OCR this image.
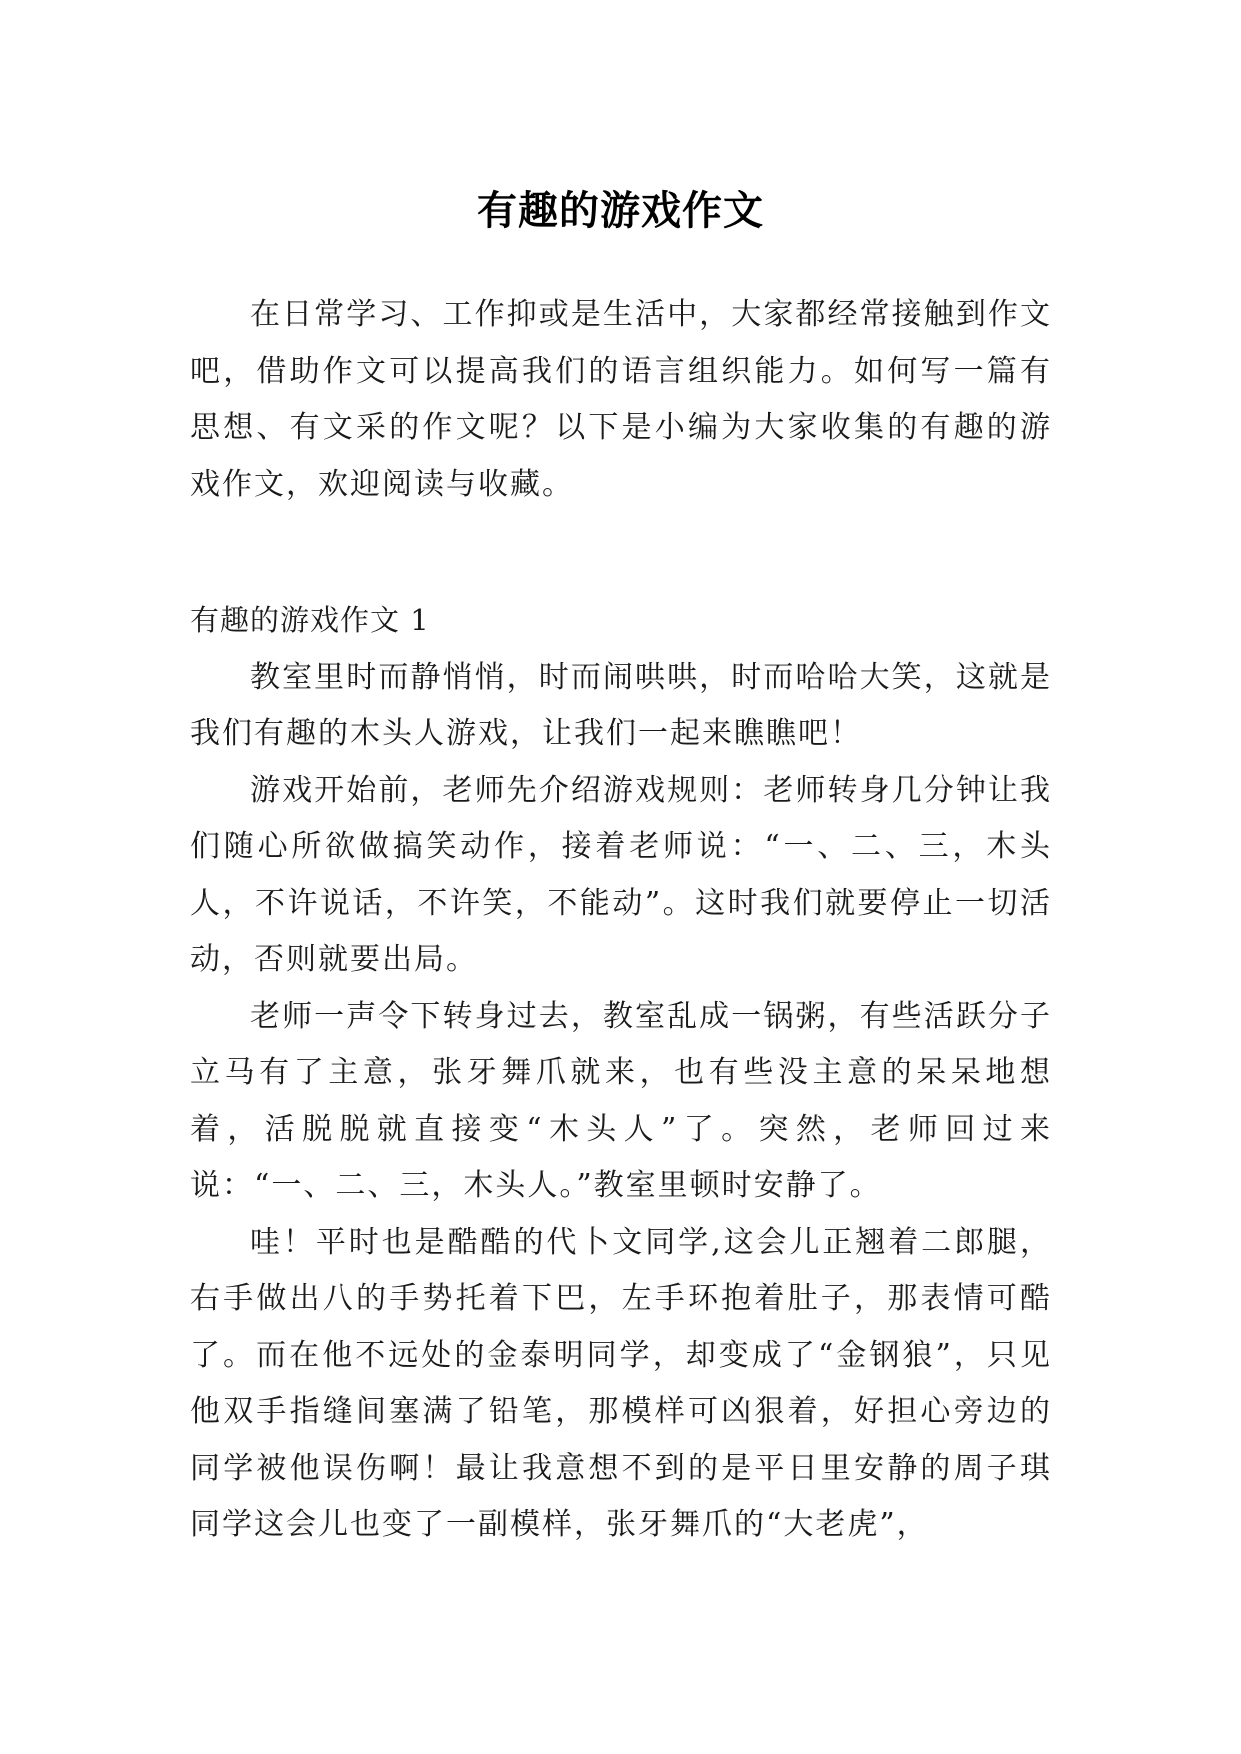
有趣的游戏作文

在日常学习、工作抑或是生活中，大家都经常接触到作文吧，借助作文可以提高我们的语言组织能力。如何写一篇有思想、有文采的作文呢？以下是小编为大家收集的有趣的游戏作文，欢迎阅读与收藏。

有趣的游戏作文 1

教室里时而静悄悄，时而闹哄哄，时而哈哈大笑，这就是我们有趣的木头人游戏，让我们一起来瞧瞧吧！

游戏开始前，老师先介绍游戏规则：老师转身几分钟让我们随心所欲做搞笑动作，接着老师说：“一、二、三，木头人，不许说话，不许笑，不能动”。这时我们就要停止一切活动，否则就要出局。

老师一声令下转身过去，教室乱成一锅粥，有些活跃分子立马有了主意，张牙舞爪就来，也有些没主意的呆呆地想着，活脱脱就直接变“木头人”了。突然，老师回过来说：“一、二、三，木头人。”教室里顿时安静了。

哇！平时也是酷酷的代卜文同学,这会儿正翘着二郎腿，右手做出八的手势托着下巴，左手环抱着肚子，那表情可酷了。而在他不远处的金泰明同学，却变成了“金钢狼”，只见他双手指缝间塞满了铅笔，那模样可凶狠着，好担心旁边的同学被他误伤啊！最让我意想不到的是平日里安静的周子琪同学这会儿也变了一副模样，张牙舞爪的“大老虎”，
